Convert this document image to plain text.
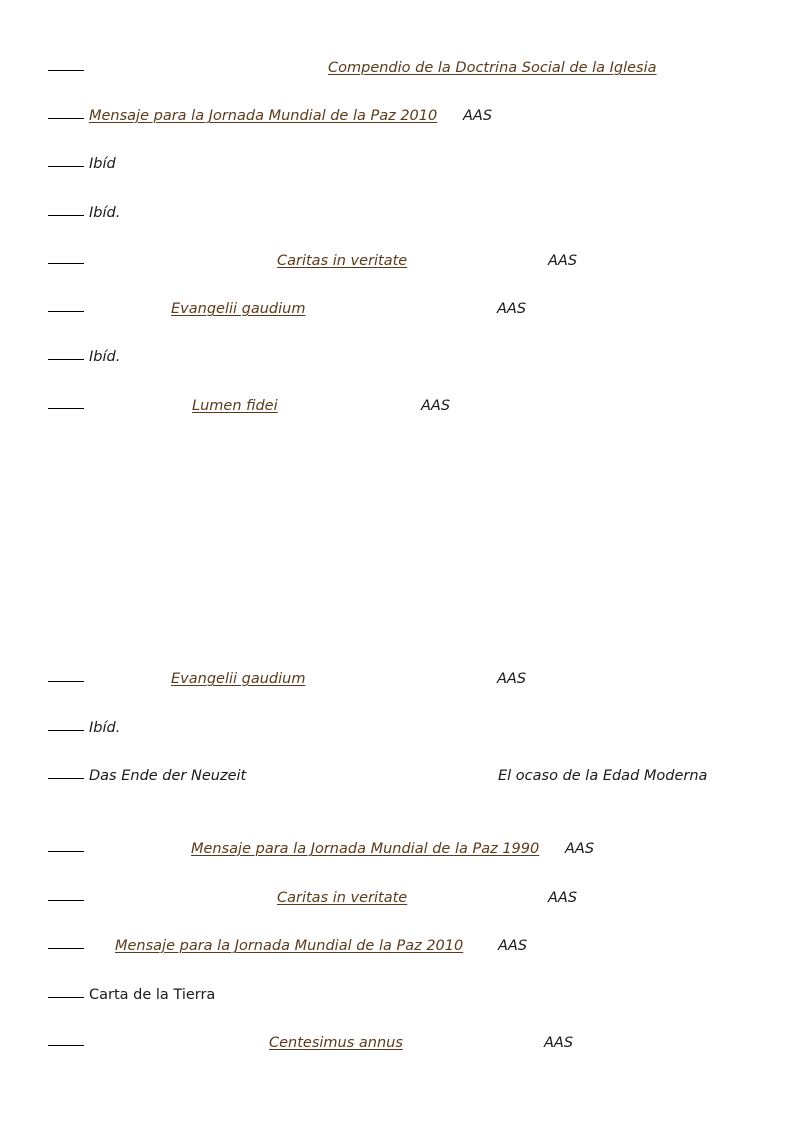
Compendio de la Doctrina Social de la Iglesia
Mensaje para la Jornada Mundial de la Paz 2010 AAS
Ibíd
Ibíd.
Caritas in veritate	AAS
Evangelii gaudium	AAS
Ibíd.
Lumen fidei	AAS
Evangelii gaudium	AAS
Ibíd.
Das Ende der Neuzeit	El ocaso de la Edad Moderna
Mensaje para la Jornada Mundial de la Paz 1990 AAS
Caritas in veritate	AAS
Mensaje para la Jornada Mundial de la Paz 2010 AAS
Carta de la Tierra
Centesimus annus	AAS
